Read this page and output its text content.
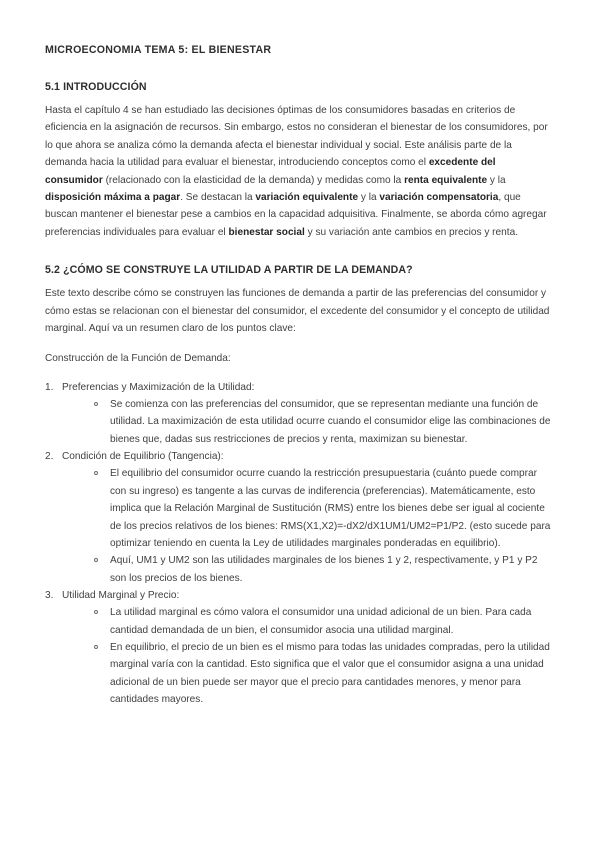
MICROECONOMIA TEMA 5: EL BIENESTAR
5.1 INTRODUCCIÓN

Hasta el capítulo 4 se han estudiado las decisiones óptimas de los consumidores basadas en criterios de eficiencia en la asignación de recursos. Sin embargo, estos no consideran el bienestar de los consumidores, por lo que ahora se analiza cómo la demanda afecta el bienestar individual y social. Este análisis parte de la demanda hacia la utilidad para evaluar el bienestar, introduciendo conceptos como el excedente del consumidor (relacionado con la elasticidad de la demanda) y medidas como la renta equivalente y la disposición máxima a pagar. Se destacan la variación equivalente y la variación compensatoria, que buscan mantener el bienestar pese a cambios en la capacidad adquisitiva. Finalmente, se aborda cómo agregar preferencias individuales para evaluar el bienestar social y su variación ante cambios en precios y renta.

5.2 ¿CÓMO SE CONSTRUYE LA UTILIDAD A PARTIR DE LA DEMANDA?

Este texto describe cómo se construyen las funciones de demanda a partir de las preferencias del consumidor y cómo estas se relacionan con el bienestar del consumidor, el excedente del consumidor y el concepto de utilidad marginal. Aquí va un resumen claro de los puntos clave:

Construcción de la Función de Demanda:

Preferencias y Maximización de la Utilidad:
Se comienza con las preferencias del consumidor, que se representan mediante una función de utilidad. La maximización de esta utilidad ocurre cuando el consumidor elige las combinaciones de bienes que, dadas sus restricciones de precios y renta, maximizan su bienestar.
Condición de Equilibrio (Tangencia):
El equilibrio del consumidor ocurre cuando la restricción presupuestaria (cuánto puede comprar con su ingreso) es tangente a las curvas de indiferencia (preferencias). Matemáticamente, esto implica que la Relación Marginal de Sustitución (RMS) entre los bienes debe ser igual al cociente de los precios relativos de los bienes: RMS(X1,X2)=-dX2/dX1UM1/UM2=P1/P2. (esto sucede para optimizar teniendo en cuenta la Ley de utilidades marginales ponderadas en equilibrio).
Aquí, UM1 y UM2 son las utilidades marginales de los bienes 1 y 2, respectivamente, y P1 y P2 son los precios de los bienes.
Utilidad Marginal y Precio:
La utilidad marginal es cómo valora el consumidor una unidad adicional de un bien. Para cada cantidad demandada de un bien, el consumidor asocia una utilidad marginal.
En equilibrio, el precio de un bien es el mismo para todas las unidades compradas, pero la utilidad marginal varía con la cantidad. Esto significa que el valor que el consumidor asigna a una unidad adicional de un bien puede ser mayor que el precio para cantidades menores, y menor para cantidades mayores.
